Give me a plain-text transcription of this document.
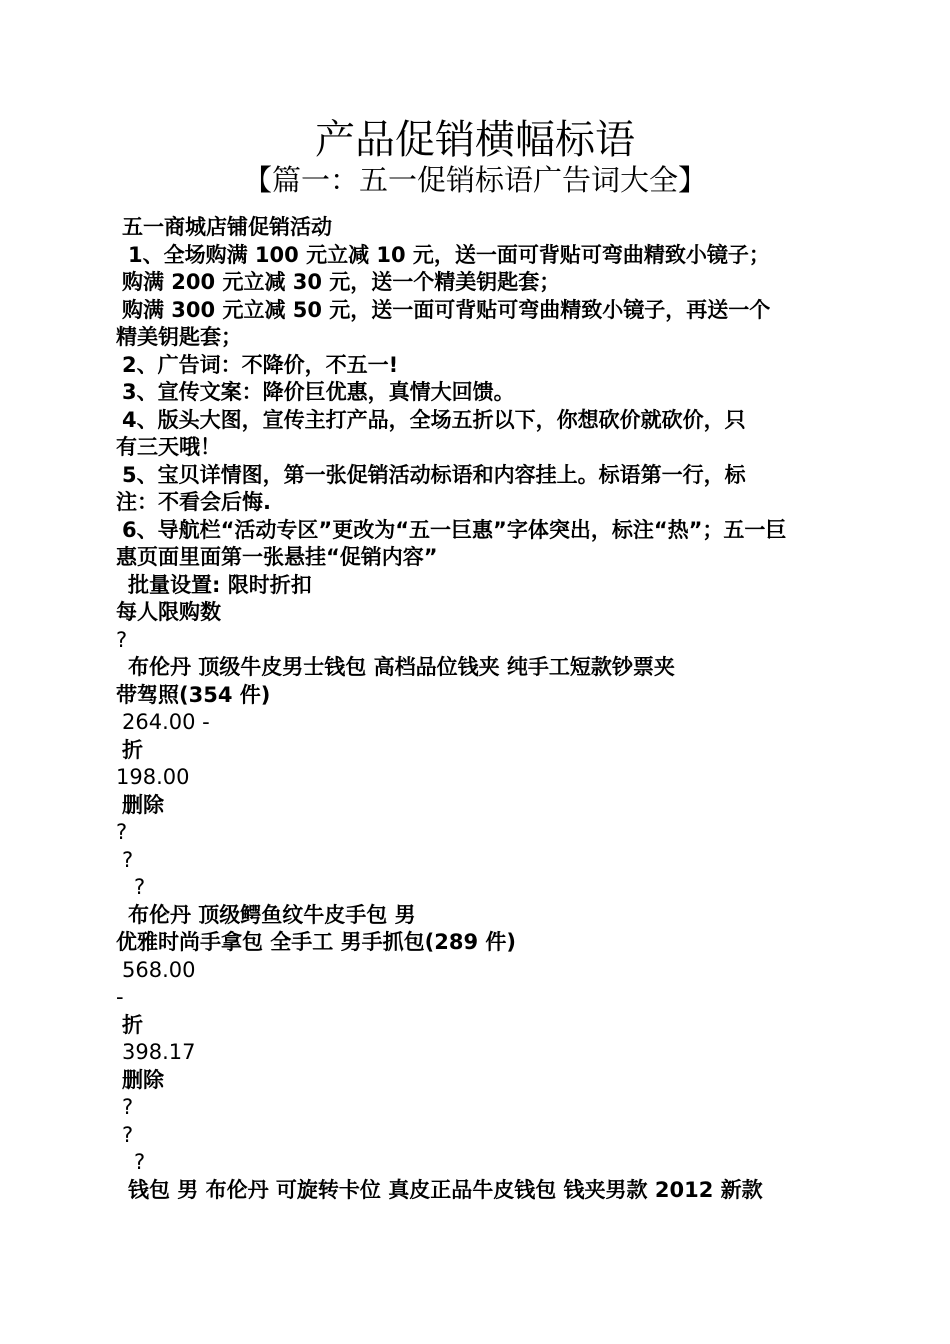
产品促销横幅标语
【篇一：五一促销标语广告词大全】
五一商城店铺促销活动
1、全场购满 100 元立减 10 元，送一面可背贴可弯曲精致小镜子；
购满 200 元立减 30 元，送一个精美钥匙套；
购满 300 元立减 50 元，送一面可背贴可弯曲精致小镜子，再送一个
精美钥匙套；
2、广告词：不降价，不五一!
3、宣传文案：降价巨优惠，真情大回馈。
4、版头大图，宣传主打产品，全场五折以下，你想砍价就砍价，只
有三天哦！
5、宝贝详情图，第一张促销活动标语和内容挂上。标语第一行，标
注：不看会后悔.
6、导航栏“活动专区”更改为“五一巨惠”字体突出，标注“热”；五一巨
惠页面里面第一张悬挂“促销内容”
批量设置: 限时折扣
每人限购数
?
布伦丹 顶级牛皮男士钱包 高档品位钱夹 纯手工短款钞票夹
带驾照(354 件)
264.00 -
折
198.00
删除
?
?
?
布伦丹 顶级鳄鱼纹牛皮手包 男
优雅时尚手拿包 全手工 男手抓包(289 件)
568.00
-
折
398.17
删除
?
?
?
钱包 男 布伦丹 可旋转卡位 真皮正品牛皮钱包 钱夹男款 2012 新款
